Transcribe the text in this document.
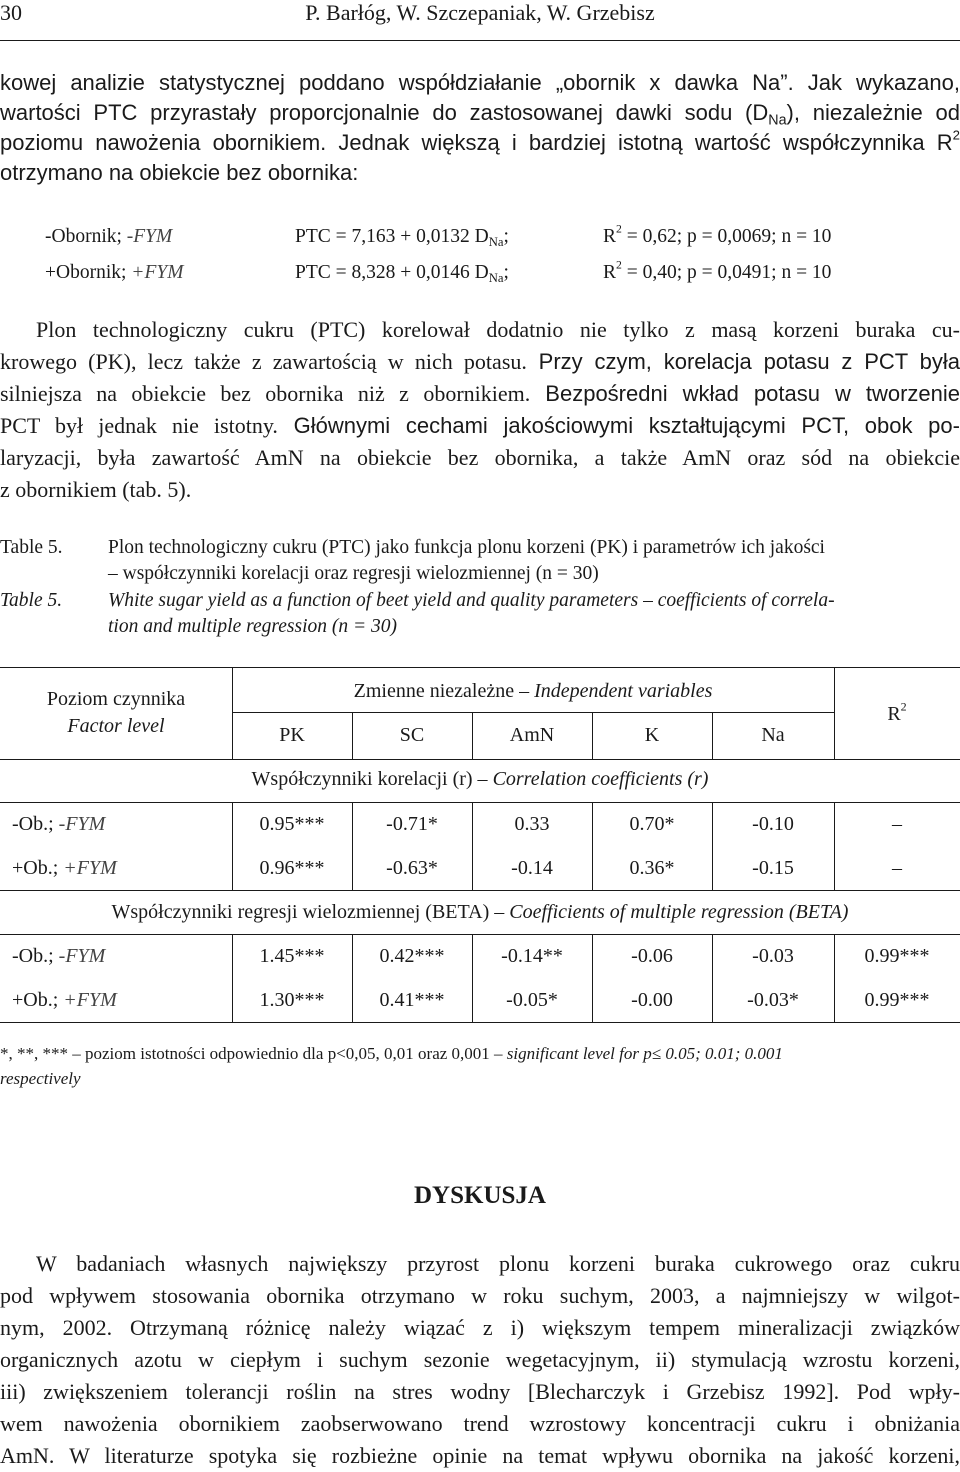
30	P. Barłóg, W. Szczepaniak, W. Grzebisz
kowej analizie statystycznej poddano współdziałanie „obornik x dawka Na”. Jak wykazano,
wartości PTC przyrastały proporcjonalnie do zastosowanej dawki sodu $(D_{Na})$, niezależnie od
poziomu nawożenia obornikiem. Jednak większą i bardziej istotną wartość współczynnika $R^2$
otrzymano na obiekcie bez obornika:
-Obornik; -FYM	PTC = 7,163 + 0,0132 $D_{Na}$;	$R^2 = 0,62$; p = 0,0069; n = 10
+Obornik; +FYM	PTC = 8,328 + 0,0146 $D_{Na}$;	$R^2 = 0,40$; p = 0,0491; n = 10
Plon technologiczny cukru (PTC) korelował dodatnio nie tylko z masą korzeni buraka cu-
krowego (PK), lecz także z zawartością w nich potasu. Przy czym, korelacja potasu z PCT była
silniejsza na obiekcie bez obornika niż z obornikiem. Bezpośredni wkład potasu w tworzenie
PCT był jednak nie istotny. Głównymi cechami jakościowymi kształtującymi PCT, obok po-
laryzacji, była zawartość AmN na obiekcie bez obornika, a także AmN oraz sód na obiekcie
z obornikiem (tab. 5).
Table 5. Plon technologiczny cukru (PTC) jako funkcja plonu korzeni (PK) i parametrów ich jakości
– współczynniki korelacji oraz regresji wielozmiennej (n = 30)
Table 5. White sugar yield as a function of beet yield and quality parameters – coefficients of correla-
tion and multiple regression (n = 30)
Poziom czynnika
Factor level
Zmienne niezależne – Independent variables
PK	SC	AmN	K	Na
$R^2$
Współczynniki korelacji (r) – Correlation coefficients (r)
-Ob.; -FYM	0.95***	-0.71*	0.33	0.70*	-0.10	–
+Ob.; +FYM	0.96***	-0.63*	-0.14	0.36*	-0.15	–
Współczynniki regresji wielozmiennej (BETA) – Coefficients of multiple regression (BETA)
-Ob.; -FYM	1.45***	0.42***	-0.14**	-0.06	-0.03	0.99***
+Ob.; +FYM	1.30***	0.41***	-0.05*	-0.00	-0.03*	0.99***
*, **, *** – poziom istotności odpowiednio dla p<0,05, 0,01 oraz 0,001 – significant level for p≤ 0.05; 0.01; 0.001
respectively
DYSKUSJA
W badaniach własnych największy przyrost plonu korzeni buraka cukrowego oraz cukru
pod wpływem stosowania obornika otrzymano w roku suchym, 2003, a najmniejszy w wilgot-
nym, 2002. Otrzymaną różnicę należy wiązać z i) większym tempem mineralizacji związków
organicznych azotu w ciepłym i suchym sezonie wegetacyjnym, ii) stymulacją wzrostu korzeni,
iii) zwiększeniem tolerancji roślin na stres wodny [Blecharczyk i Grzebisz 1992]. Pod wpły-
wem nawożenia obornikiem zaobserwowano trend wzrostowy koncentracji cukru i obniżania
AmN. W literaturze spotyka się rozbieżne opinie na temat wpływu obornika na jakość korzeni,
